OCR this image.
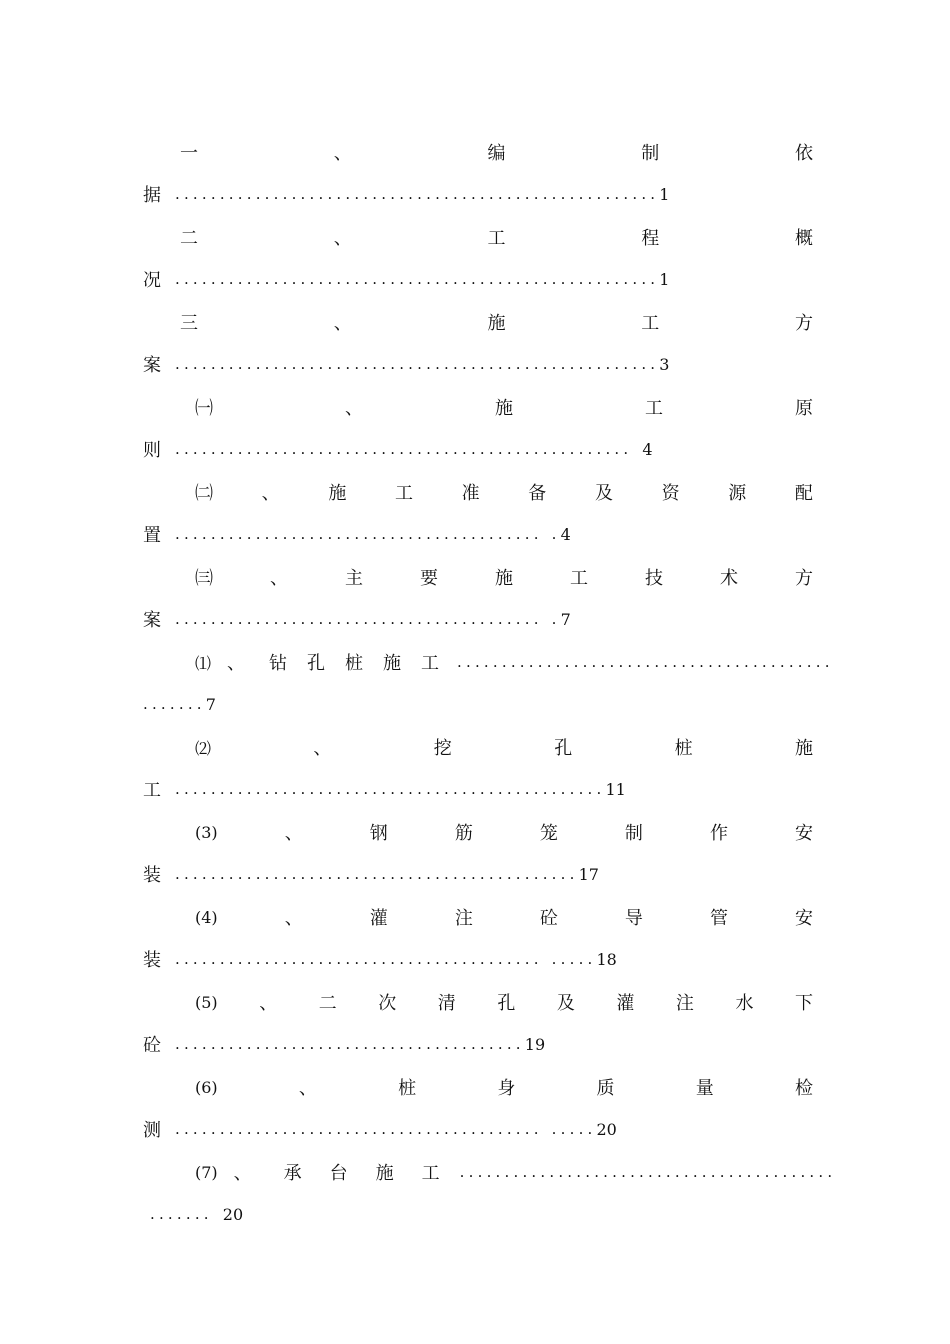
一	、	编	制	依
据 ...................................................... 1
二	、	工	程	概
况 ...................................................... 1
三	、	施	工	方
案 ...................................................... 3
㈠	、	施	工	原
则 ................................................... 4
㈡	、	施	工	准	备	及	资	源	配
置 ......................................... . 4
㈢	、	主	要	施	工	技	术	方
案 ......................................... . 7
⑴ 、 钻 孔 桩 施 工 ..........................................
....... 7
⑵	、	挖	孔	桩	施
工 ................................................ 11
(3)	、	钢	筋	笼	制	作	安
装 ............................................. 17
(4)	、	灌	注	砼	导	管	安
装 ......................................... ..... 18
(5) 、 二 次 清 孔 及 灌 注 水 下
砼 ....................................... 19
(6)	、	桩	身	质	量	检
测 ......................................... ..... 20
(7) 、 承 台 施 工 ..........................................
....... 20
